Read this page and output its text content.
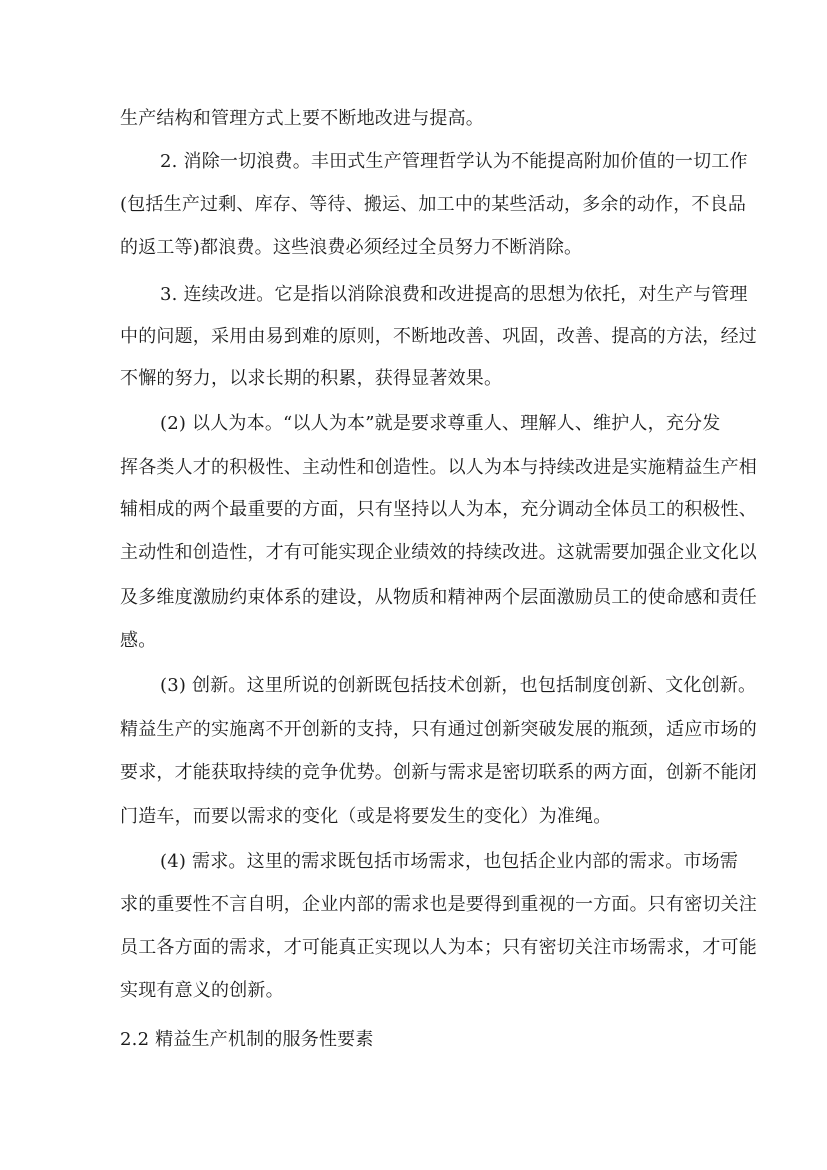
生产结构和管理方式上要不断地改进与提高。
2. 消除一切浪费。丰田式生产管理哲学认为不能提高附加价值的一切工作
(包括生产过剩、库存、等待、搬运、加工中的某些活动，多余的动作，不良品
的返工等)都浪费。这些浪费必须经过全员努力不断消除。
3. 连续改进。它是指以消除浪费和改进提高的思想为依托，对生产与管理
中的问题，采用由易到难的原则，不断地改善、巩固，改善、提高的方法，经过
不懈的努力，以求长期的积累，获得显著效果。
(2) 以人为本。“以人为本”就是要求尊重人、理解人、维护人，充分发
挥各类人才的积极性、主动性和创造性。以人为本与持续改进是实施精益生产相
辅相成的两个最重要的方面，只有坚持以人为本，充分调动全体员工的积极性、
主动性和创造性，才有可能实现企业绩效的持续改进。这就需要加强企业文化以
及多维度激励约束体系的建设，从物质和精神两个层面激励员工的使命感和责任
感。
(3) 创新。这里所说的创新既包括技术创新，也包括制度创新、文化创新。
精益生产的实施离不开创新的支持，只有通过创新突破发展的瓶颈，适应市场的
要求，才能获取持续的竞争优势。创新与需求是密切联系的两方面，创新不能闭
门造车，而要以需求的变化（或是将要发生的变化）为准绳。
(4) 需求。这里的需求既包括市场需求，也包括企业内部的需求。市场需
求的重要性不言自明，企业内部的需求也是要得到重视的一方面。只有密切关注
员工各方面的需求，才可能真正实现以人为本；只有密切关注市场需求，才可能
实现有意义的创新。
2.2 精益生产机制的服务性要素
